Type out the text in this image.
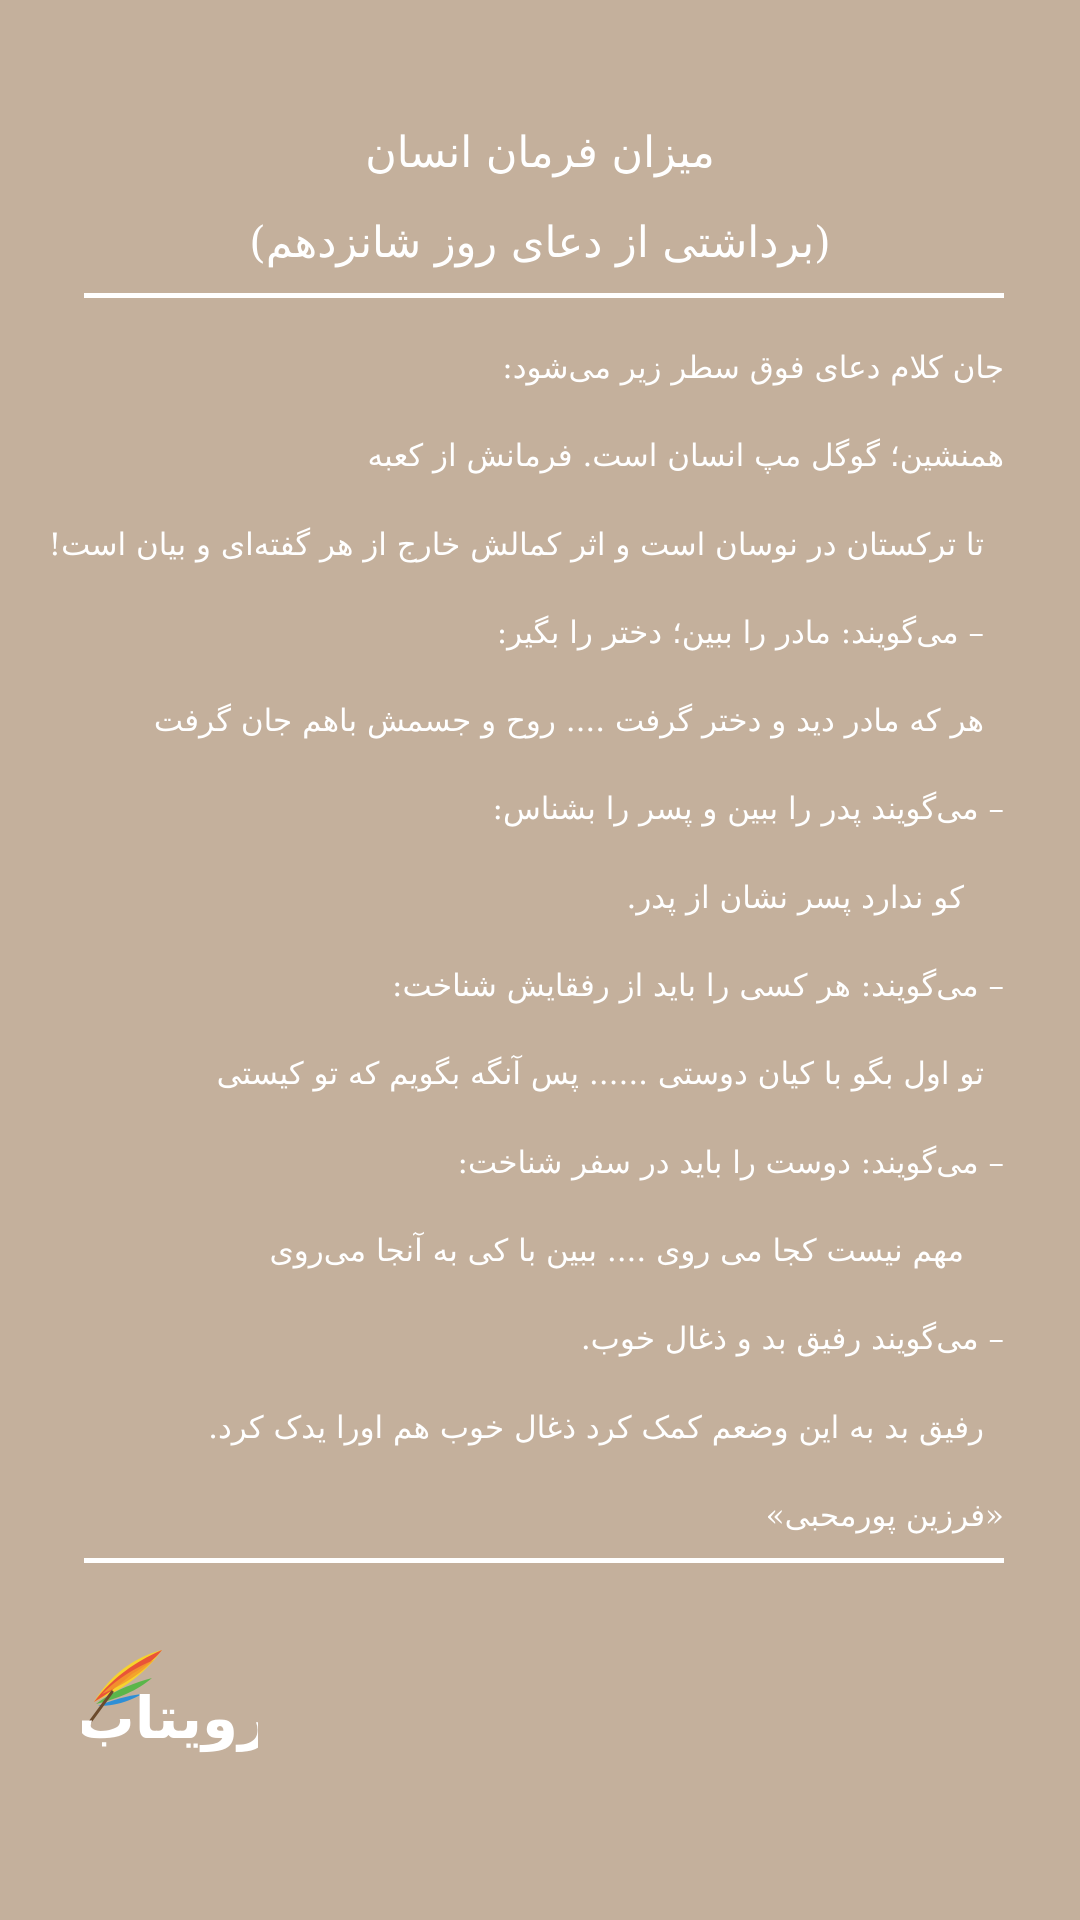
میزان فرمان انسان
(برداشتی از دعای روز شانزدهم)
جان کلام دعای فوق سطر زیر می‌شود:
همنشین؛ گوگل مپ انسان است. فرمانش از کعبه
تا ترکستان در نوسان است و اثر کمالش خارج از هر گفته‌ای و بیان است!
– می‌گویند: مادر را ببین؛ دختر را بگیر:
هر که مادر دید و دختر گرفت .... روح و جسمش باهم جان گرفت
– می‌گویند پدر را ببین و پسر را بشناس:
کو ندارد پسر نشان از پدر.
– می‌گویند: هر کسی را باید از رفقایش شناخت:
تو اول بگو با کیان دوستی ...... پس آنگه بگویم که تو کیستی
– می‌گویند: دوست را باید در سفر شناخت:
مهم نیست کجا می روی .... ببین با کی به آنجا می‌روی
– می‌گویند رفیق بد و ذغال خوب.
رفیق بد به این وضعم کمک کرد ذغال خوب هم اورا یدک کرد.
«فرزین پورمحبی»
رویتاب
